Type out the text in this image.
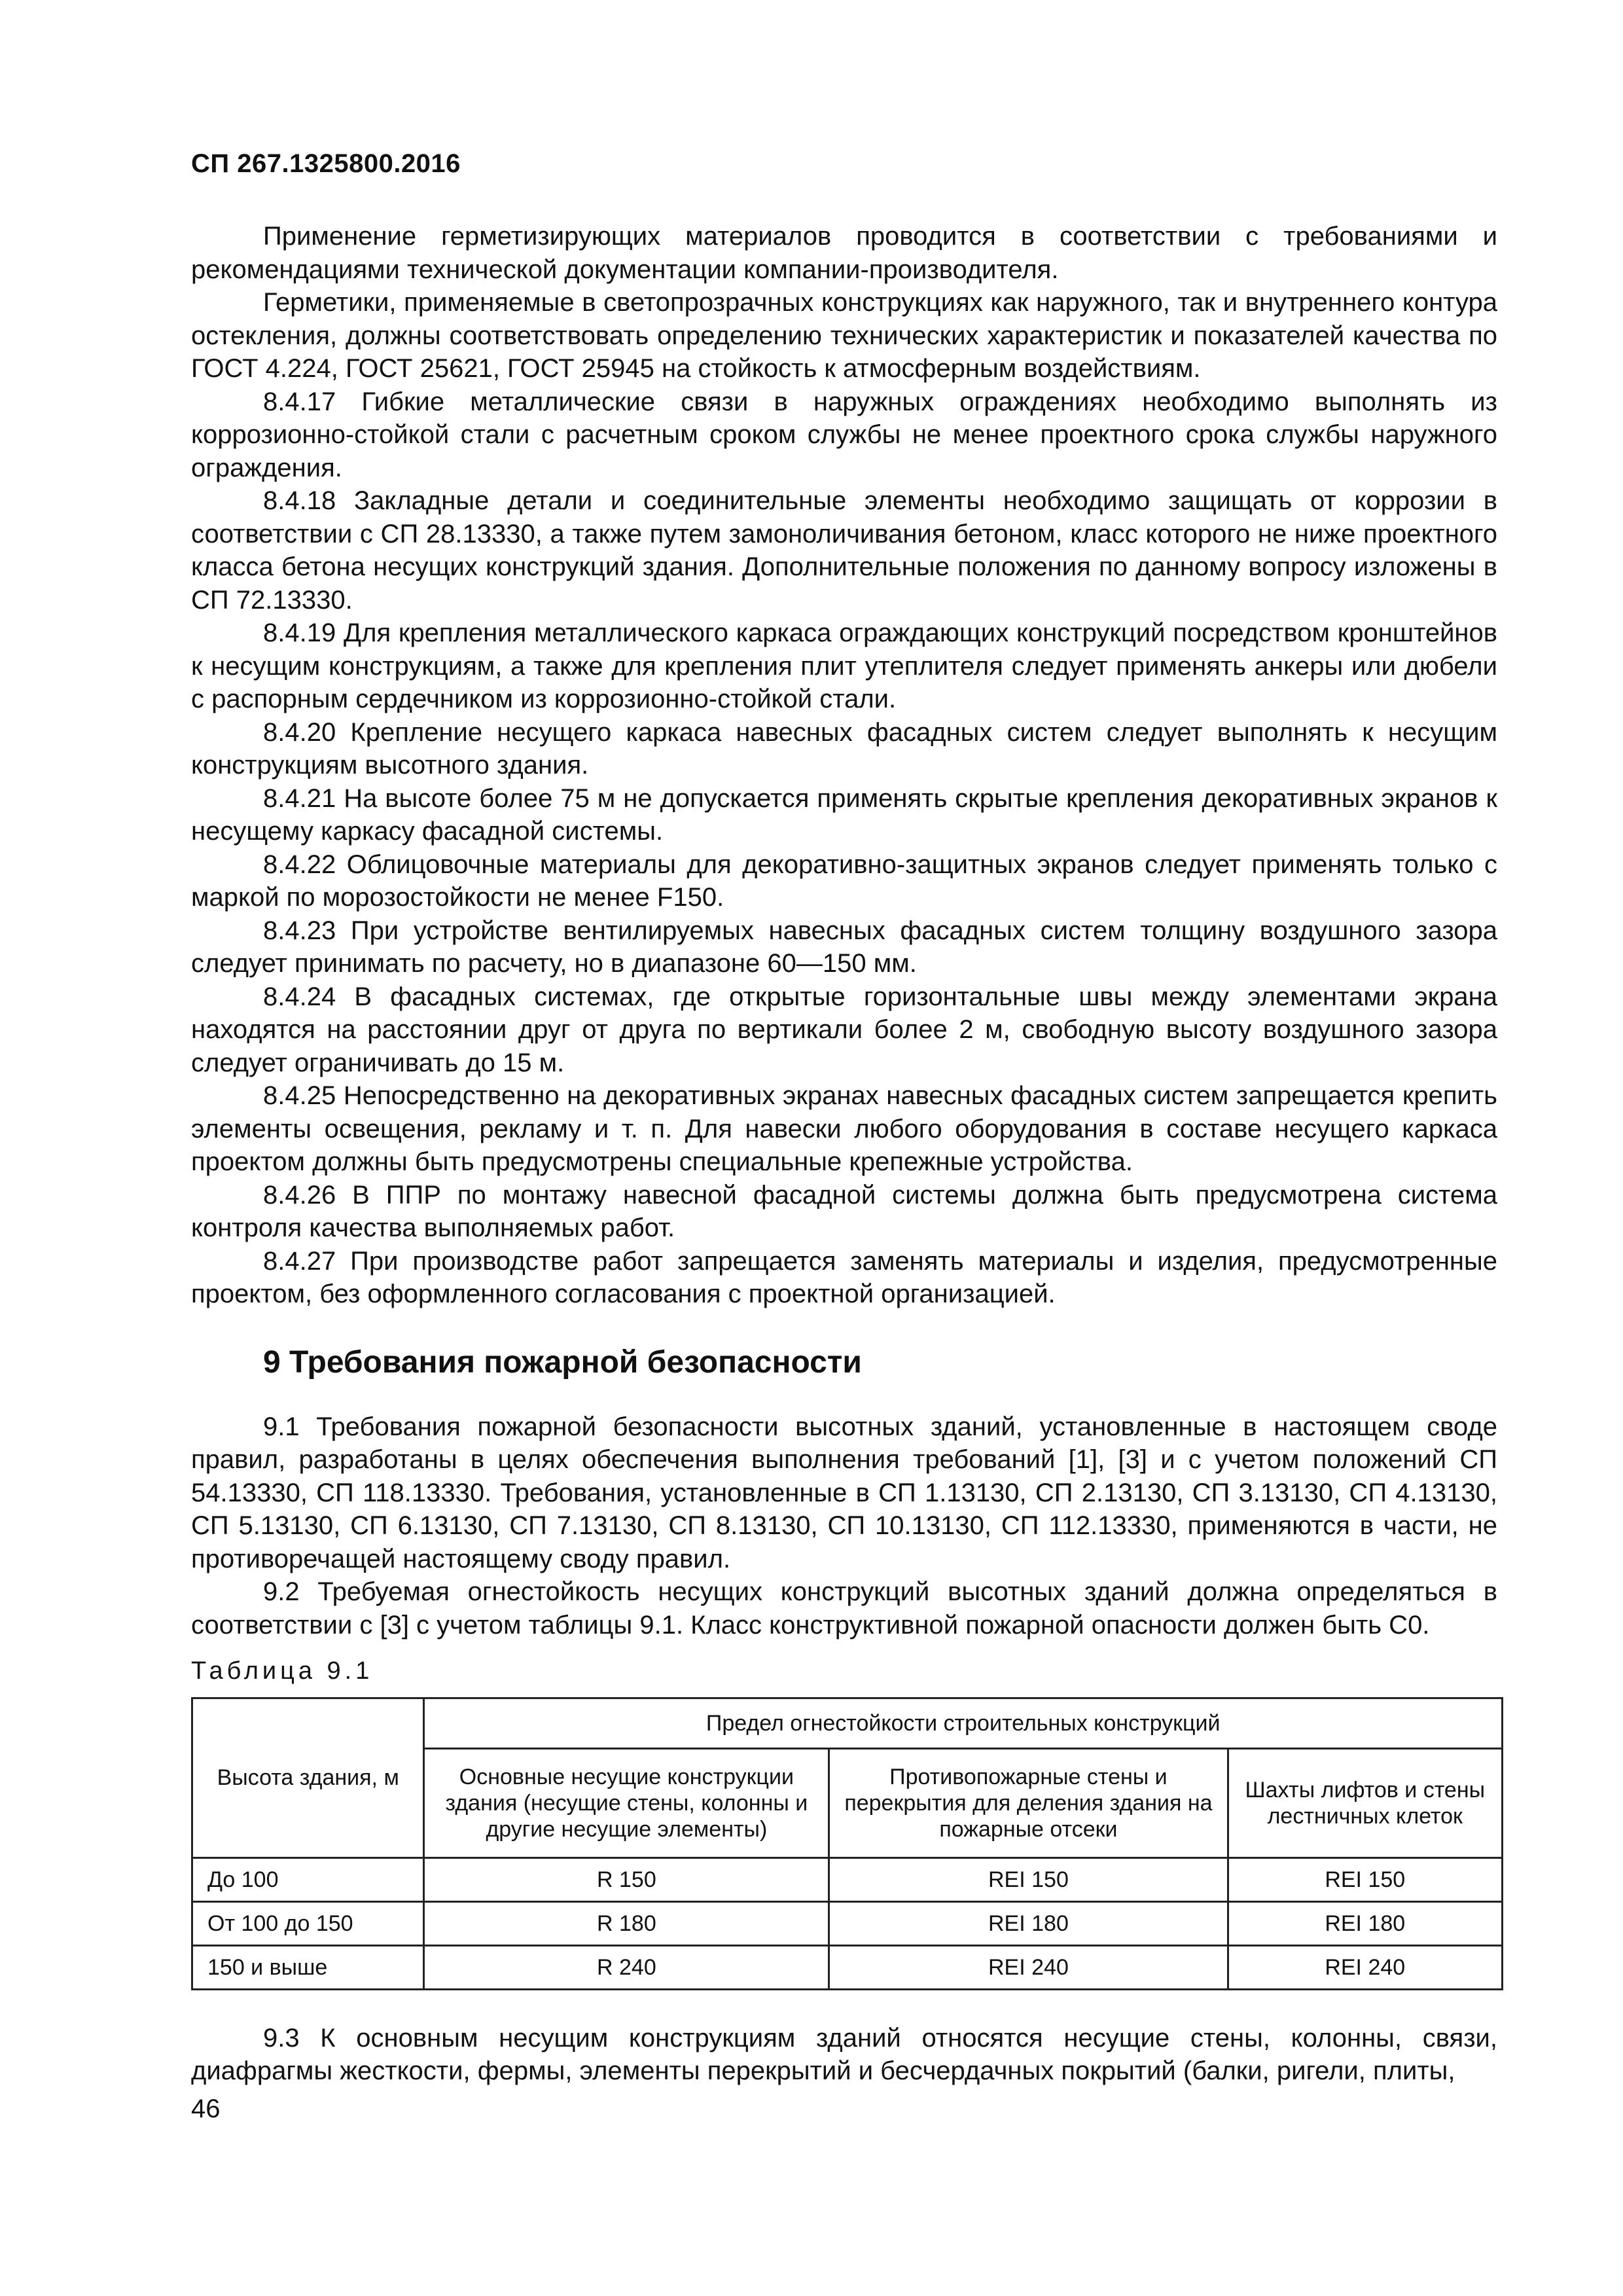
СП 267.1325800.2016

Применение герметизирующих материалов проводится в соответствии с требованиями и рекомендациями технической документации компании-производителя.

Герметики, применяемые в светопрозрачных конструкциях как наружного, так и внутреннего контура остекления, должны соответствовать определению технических характеристик и показателей качества по ГОСТ 4.224, ГОСТ 25621, ГОСТ 25945 на стойкость к атмосферным воздействиям.

8.4.17 Гибкие металлические связи в наружных ограждениях необходимо выполнять из коррозионно-стойкой стали с расчетным сроком службы не менее проектного срока службы наружного ограждения.

8.4.18 Закладные детали и соединительные элементы необходимо защищать от коррозии в соответствии с СП 28.13330, а также путем замоноличивания бетоном, класс которого не ниже проектного класса бетона несущих конструкций здания. Дополнительные положения по данному вопросу изложены в СП 72.13330.

8.4.19 Для крепления металлического каркаса ограждающих конструкций посредством кронштейнов к несущим конструкциям, а также для крепления плит утеплителя следует применять анкеры или дюбели с распорным сердечником из коррозионно-стойкой стали.

8.4.20 Крепление несущего каркаса навесных фасадных систем следует выполнять к несущим конструкциям высотного здания.

8.4.21 На высоте более 75 м не допускается применять скрытые крепления декоративных экранов к несущему каркасу фасадной системы.

8.4.22 Облицовочные материалы для декоративно-защитных экранов следует применять только с маркой по морозостойкости не менее F150.

8.4.23 При устройстве вентилируемых навесных фасадных систем толщину воздушного зазора следует принимать по расчету, но в диапазоне 60—150 мм.

8.4.24 В фасадных системах, где открытые горизонтальные швы между элементами экрана находятся на расстоянии друг от друга по вертикали более 2 м, свободную высоту воздушного зазора следует ограничивать до 15 м.

8.4.25 Непосредственно на декоративных экранах навесных фасадных систем запрещается крепить элементы освещения, рекламу и т. п. Для навески любого оборудования в составе несущего каркаса проектом должны быть предусмотрены специальные крепежные устройства.

8.4.26 В ППР по монтажу навесной фасадной системы должна быть предусмотрена система контроля качества выполняемых работ.

8.4.27 При производстве работ запрещается заменять материалы и изделия, предусмотренные проектом, без оформленного согласования с проектной организацией.

9 Требования пожарной безопасности

9.1 Требования пожарной безопасности высотных зданий, установленные в настоящем своде правил, разработаны в целях обеспечения выполнения требований [1], [3] и с учетом положений СП 54.13330, СП 118.13330. Требования, установленные в СП 1.13130, СП 2.13130, СП 3.13130, СП 4.13130, СП 5.13130, СП 6.13130, СП 7.13130, СП 8.13130, СП 10.13130, СП 112.13330, применяются в части, не противоречащей настоящему своду правил.

9.2 Требуемая огнестойкость несущих конструкций высотных зданий должна определяться в соответствии с [3] с учетом таблицы 9.1. Класс конструктивной пожарной опасности должен быть С0.

Таблица 9.1

Высота здания, м	Предел огнестойкости строительных конструкций		
	Основные несущие конструкции здания (несущие стены, колонны и другие несущие элементы)	Противопожарные стены и перекрытия для деления здания на пожарные отсеки	Шахты лифтов и стены лестничных клеток
До 100	R 150	REI 150	REI 150
От 100 до 150	R 180	REI 180	REI 180
150 и выше	R 240	REI 240	REI 240

9.3 К основным несущим конструкциям зданий относятся несущие стены, колонны, связи, диафрагмы жесткости, фермы, элементы перекрытий и бесчердачных покрытий (балки, ригели, плиты,

46
